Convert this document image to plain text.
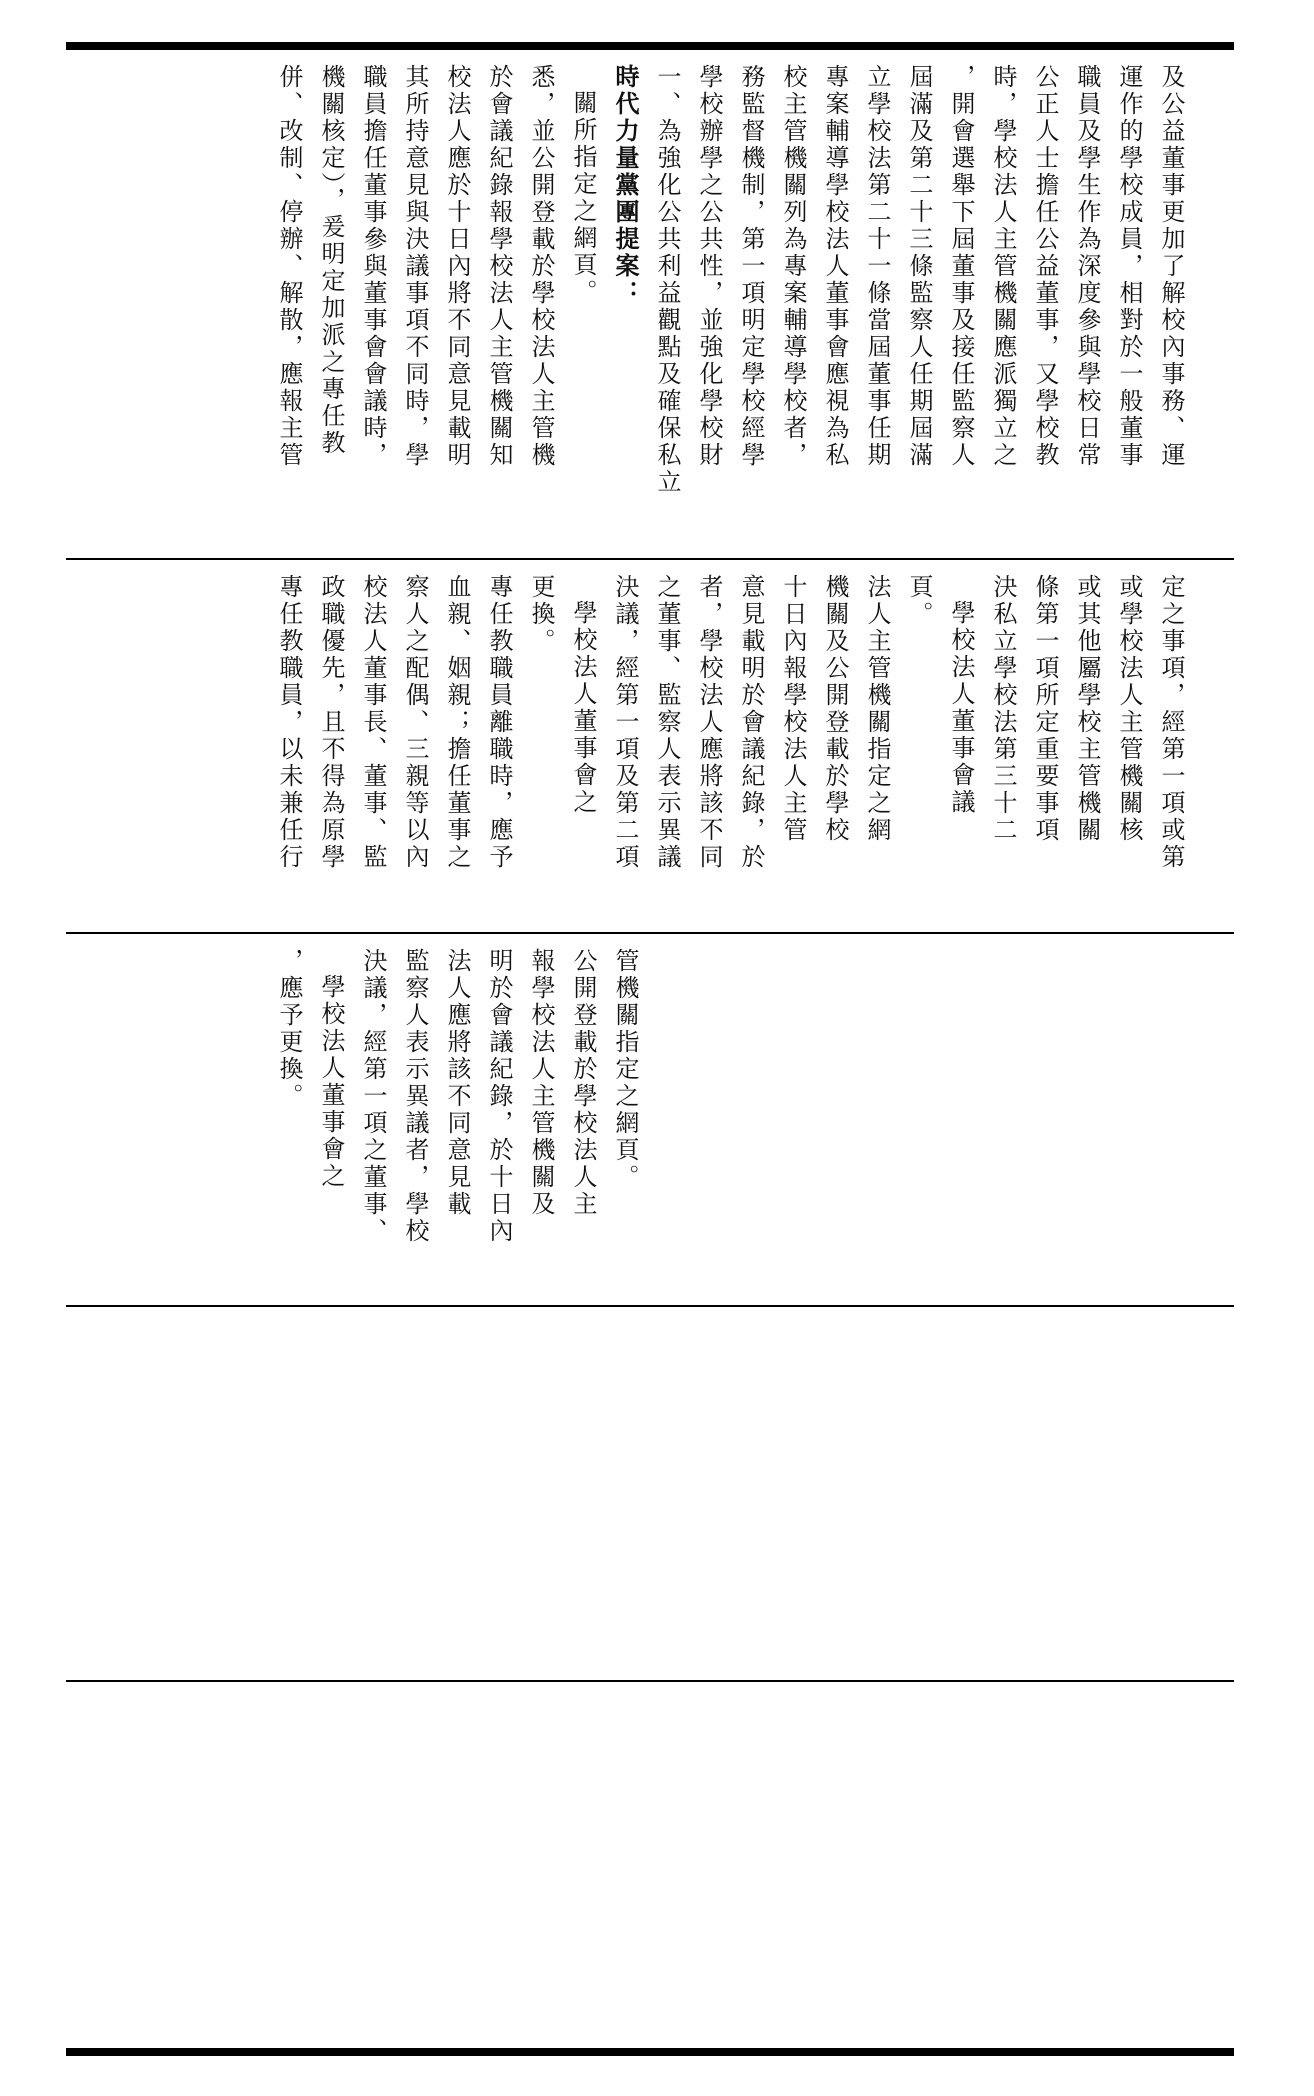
及公益董事更加了解校內事務、運
運作的學校成員，相對於一般董事
職員及學生作為深度參與學校日常
公正人士擔任公益董事，又學校教
時，學校法人主管機關應派獨立之
，開會選舉下屆董事及接任監察人
屆滿及第二十三條監察人任期屆滿
立學校法第二十一條當屆董事任期
專案輔導學校法人董事會應視為私
校主管機關列為專案輔導學校者，
務監督機制，第一項明定學校經學
學校辦學之公共性，並強化學校財
一、為強化公共利益觀點及確保私立
時代力量黨團提案：
關所指定之網頁。
悉，並公開登載於學校法人主管機
於會議紀錄報學校法人主管機關知
校法人應於十日內將不同意見載明
其所持意見與決議事項不同時，學
職員擔任董事參與董事會會議時，
機關核定），爰明定加派之專任教
併、改制、停辦、解散，應報主管
定之事項，經第一項或第
或學校法人主管機關核
或其他屬學校主管機關
條第一項所定重要事項
決私立學校法第三十二
學校法人董事會議
頁。
法人主管機關指定之網
機關及公開登載於學校
十日內報學校法人主管
意見載明於會議紀錄，於
者，學校法人應將該不同
之董事、監察人表示異議
決議，經第一項及第二項
學校法人董事會之
更換。
專任教職員離職時，應予
血親、姻親；擔任董事之
察人之配偶、三親等以內
校法人董事長、董事、監
政職優先，且不得為原學
專任教職員，以未兼任行
管機關指定之網頁。
公開登載於學校法人主
報學校法人主管機關及
明於會議紀錄，於十日內
法人應將該不同意見載
監察人表示異議者，學校
決議，經第一項之董事、
學校法人董事會之
，應予更換。
